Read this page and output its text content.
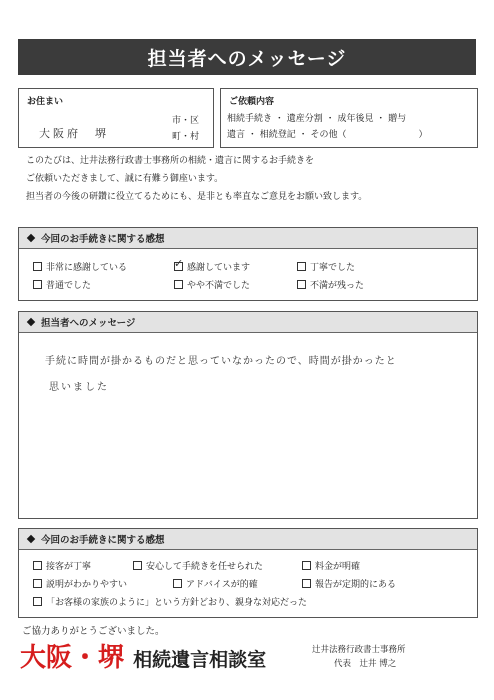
担当者へのメッセージ
お住まい
大阪府　堺
市・区
町・村
ご依頼内容
相続手続き ・ 遺産分割 ・ 成年後見 ・ 贈与
遺言 ・ 相続登記 ・ その他（　　　　　　　　）
このたびは、辻井法務行政書士事務所の相続・遺言に関するお手続きを
ご依頼いただきまして、誠に有難う御座います。
担当者の今後の研鑽に役立てるためにも、是非とも率直なご意見をお願い致します。
今回のお手続きに関する感想
非常に感謝している
✓	感謝しています	丁寧でした
普通でした	やや不満でした	不満が残った
担当者へのメッセージ
手続に時間が掛かるものだと思っていなかったので、時間が掛かったと
思いました
今回のお手続きに関する感想
接客が丁寧	安心して手続きを任せられた	料金が明確
説明がわかりやすい	アドバイスが的確	報告が定期的にある
「お客様の家族のように」という方針どおり、親身な対応だった
ご協力ありがとうございました。
大阪・堺 相続遺言相談室	辻井法務行政書士事務所
代表　辻井 博之
